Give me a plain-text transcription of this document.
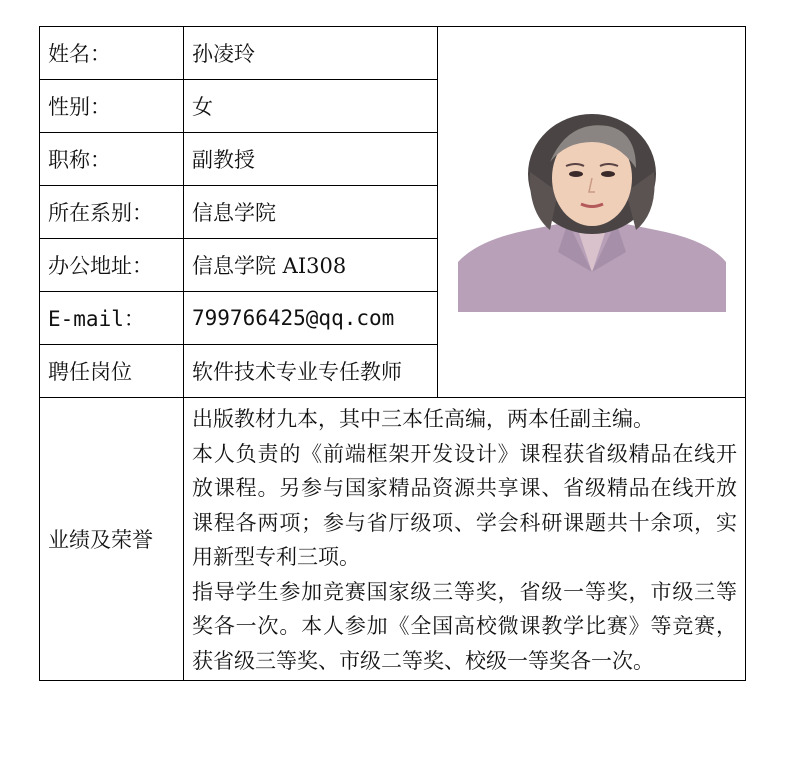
姓名：	孙凌玲	

性别：	女	
职称：	副教授	
所在系别：	信息学院	
办公地址：	信息学院 AI308	
E-mail：	799766425@qq.com	
聘任岗位	软件技术专业专任教师	
业绩及荣誉	出版教材九本，其中三本任高编，两本任副主编。

本人负责的《前端框架开发设计》课程获省级精品在线开放课程。另参与国家精品资源共享课、省级精品在线开放课程各两项；参与省厅级项、学会科研课题共十余项，实用新型专利三项。

指导学生参加竞赛国家级三等奖，省级一等奖，市级三等奖各一次。本人参加《全国高校微课教学比赛》等竞赛，获省级三等奖、市级二等奖、校级一等奖各一次。	
